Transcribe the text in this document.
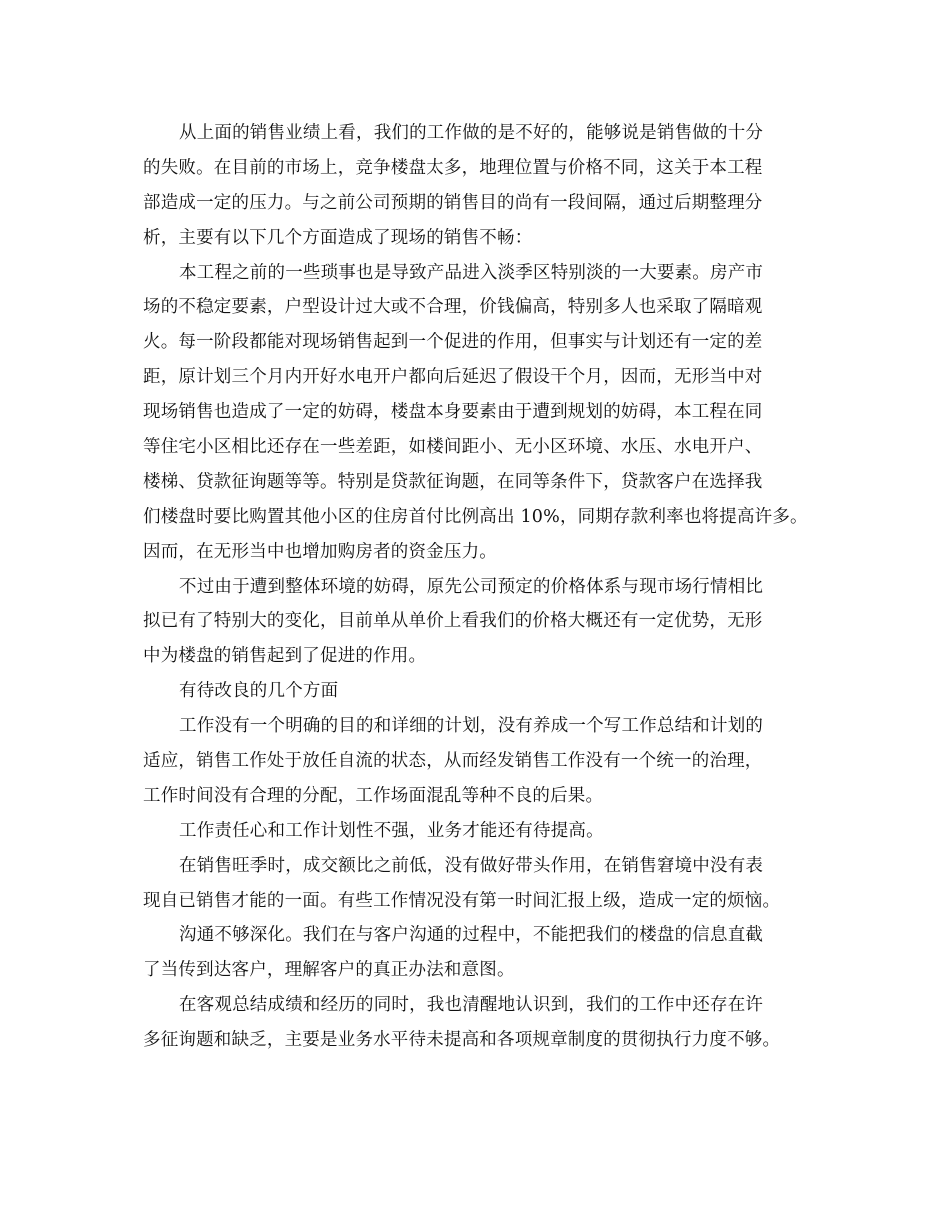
从上面的销售业绩上看，我们的工作做的是不好的，能够说是销售做的十分
的失败。在目前的市场上，竞争楼盘太多，地理位置与价格不同，这关于本工程
部造成一定的压力。与之前公司预期的销售目的尚有一段间隔，通过后期整理分
析，主要有以下几个方面造成了现场的销售不畅：
本工程之前的一些琐事也是导致产品进入淡季区特别淡的一大要素。房产市
场的不稳定要素，户型设计过大或不合理，价钱偏高，特别多人也采取了隔暗观
火。每一阶段都能对现场销售起到一个促进的作用，但事实与计划还有一定的差
距，原计划三个月内开好水电开户都向后延迟了假设干个月，因而，无形当中对
现场销售也造成了一定的妨碍，楼盘本身要素由于遭到规划的妨碍，本工程在同
等住宅小区相比还存在一些差距，如楼间距小、无小区环境、水压、水电开户、
楼梯、贷款征询题等等。特别是贷款征询题，在同等条件下，贷款客户在选择我
们楼盘时要比购置其他小区的住房首付比例高出 10%，同期存款利率也将提高许多。
因而，在无形当中也增加购房者的资金压力。
不过由于遭到整体环境的妨碍，原先公司预定的价格体系与现市场行情相比
拟已有了特别大的变化，目前单从单价上看我们的价格大概还有一定优势，无形
中为楼盘的销售起到了促进的作用。
有待改良的几个方面
工作没有一个明确的目的和详细的计划，没有养成一个写工作总结和计划的
适应，销售工作处于放任自流的状态，从而经发销售工作没有一个统一的治理，
工作时间没有合理的分配，工作场面混乱等种不良的后果。
工作责任心和工作计划性不强，业务才能还有待提高。
在销售旺季时，成交额比之前低，没有做好带头作用，在销售窘境中没有表
现自已销售才能的一面。有些工作情况没有第一时间汇报上级，造成一定的烦恼。
沟通不够深化。我们在与客户沟通的过程中，不能把我们的楼盘的信息直截
了当传到达客户，理解客户的真正办法和意图。
在客观总结成绩和经历的同时，我也清醒地认识到，我们的工作中还存在许
多征询题和缺乏，主要是业务水平待未提高和各项规章制度的贯彻执行力度不够。
